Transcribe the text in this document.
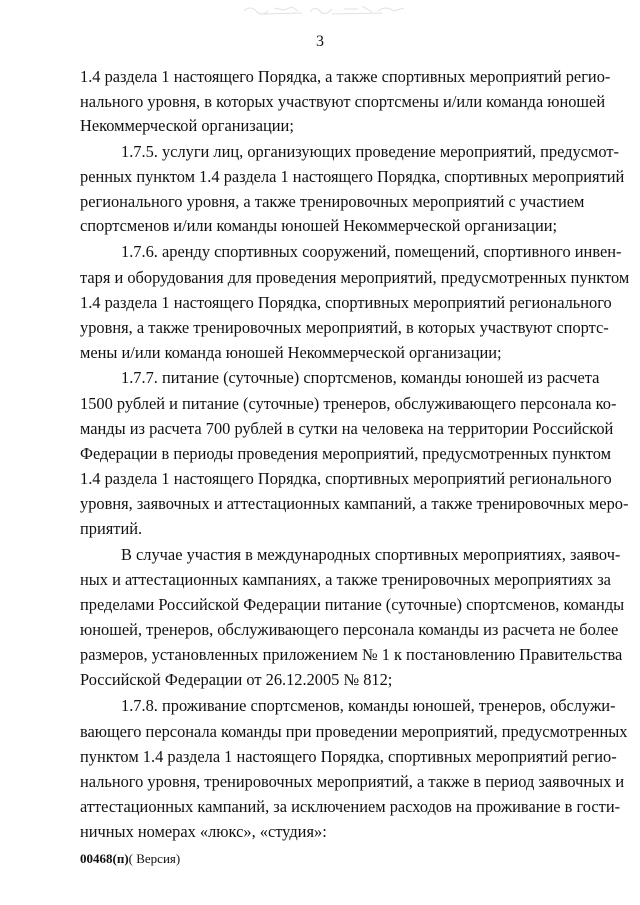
3
1.4 раздела 1 настоящего Порядка, а также спортивных мероприятий регио-
нального уровня, в которых участвуют спортсмены и/или команда юношей
Некоммерческой организации;
1.7.5. услуги лиц, организующих проведение мероприятий, предусмот-
ренных пунктом 1.4 раздела 1 настоящего Порядка, спортивных мероприятий
регионального уровня, а также тренировочных мероприятий с участием
спортсменов и/или команды юношей Некоммерческой организации;
1.7.6. аренду спортивных сооружений, помещений, спортивного инвен-
таря и оборудования для проведения мероприятий, предусмотренных пунктом
1.4 раздела 1 настоящего Порядка, спортивных мероприятий регионального
уровня, а также тренировочных мероприятий, в которых участвуют спортс-
мены и/или команда юношей Некоммерческой организации;
1.7.7. питание (суточные) спортсменов, команды юношей из расчета
1500 рублей и питание (суточные) тренеров, обслуживающего персонала ко-
манды из расчета 700 рублей в сутки на человека на территории Российской
Федерации в периоды проведения мероприятий, предусмотренных пунктом
1.4 раздела 1 настоящего Порядка, спортивных мероприятий регионального
уровня, заявочных и аттестационных кампаний, а также тренировочных меро-
приятий.
В случае участия в международных спортивных мероприятиях, заявоч-
ных и аттестационных кампаниях, а также тренировочных мероприятиях за
пределами Российской Федерации питание (суточные) спортсменов, команды
юношей, тренеров, обслуживающего персонала команды из расчета не более
размеров, установленных приложением № 1 к постановлению Правительства
Российской Федерации от 26.12.2005 № 812;
1.7.8. проживание спортсменов, команды юношей, тренеров, обслужи-
вающего персонала команды при проведении мероприятий, предусмотренных
пунктом 1.4 раздела 1 настоящего Порядка, спортивных мероприятий регио-
нального уровня, тренировочных мероприятий, а также в период заявочных и
аттестационных кампаний, за исключением расходов на проживание в гости-
ничных номерах «люкс», «студия»:
00468(п)( Версия)
